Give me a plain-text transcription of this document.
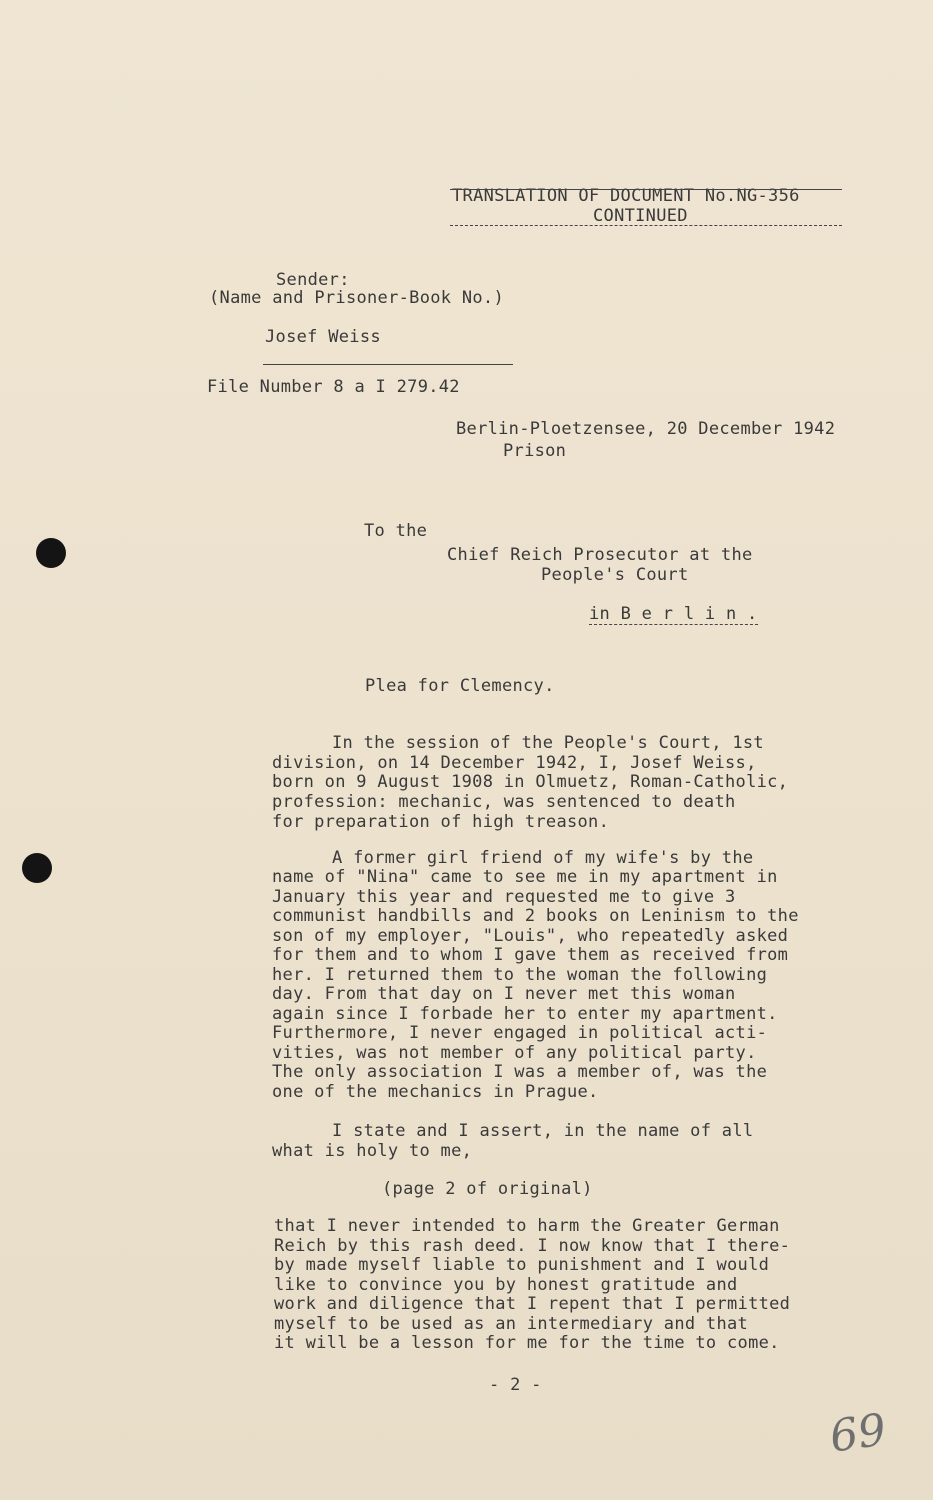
TRANSLATION OF DOCUMENT No.NG-356
CONTINUED
Sender:
(Name and Prisoner-Book No.)
Josef Weiss
File Number 8 a I 279.42
Berlin-Ploetzensee, 20 December 1942
Prison
To the
Chief Reich Prosecutor at the
People's Court
in B e r l i n .
Plea for Clemency.
In the session of the People's Court, 1st
division, on 14 December 1942, I, Josef Weiss,
born on 9 August 1908 in Olmuetz, Roman-Catholic,
profession: mechanic, was sentenced to death
for preparation of high treason.
A former girl friend of my wife's by the
name of "Nina" came to see me in my apartment in
January this year and requested me to give 3
communist handbills and 2 books on Leninism to the
son of my employer, "Louis", who repeatedly asked
for them and to whom I gave them as received from
her. I returned them to the woman the following
day. From that day on I never met this woman
again since I forbade her to enter my apartment.
Furthermore, I never engaged in political acti-
vities, was not member of any political party.
The only association I was a member of, was the
one of the mechanics in Prague.
I state and I assert, in the name of all
what is holy to me,
(page 2 of original)
that I never intended to harm the Greater German
Reich by this rash deed. I now know that I there-
by made myself liable to punishment and I would
like to convince you by honest gratitude and
work and diligence that I repent that I permitted
myself to be used as an intermediary and that
it will be a lesson for me for the time to come.
- 2 -
69
